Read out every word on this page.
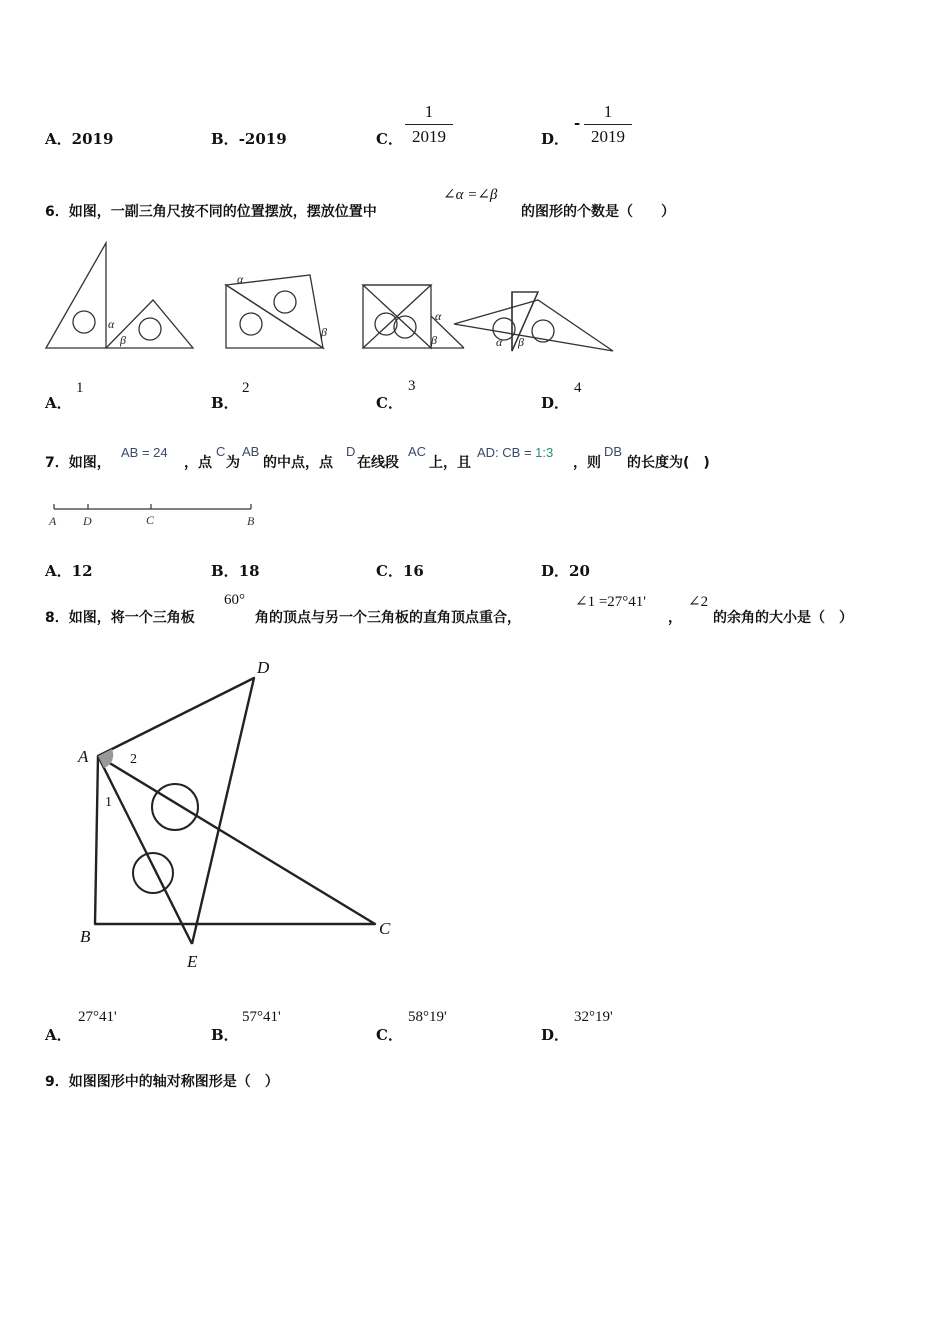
A．2019	B．-2019	C． $\frac{1}{2019}$	D．
- $\frac{1}{2019}$
6．如图，一副三角尺按不同的位置摆放，摆放位置中
∠α =∠β
的图形的个数是（　　）
α
β
α
β
α
β	α β
A．
1
B．
2
C．
3
D．
4
7．如图，
AB = 24
，点
C
为
AB
的中点，点
D
在线段
AC
上，且
AD: CB = 1:3
，则
DB
的长度为(　)
A D	C	B
A．12	B．18	C．16	D．20
8．如图，将一个三角板
60°
角的顶点与另一个三角板的直角顶点重合，
∠1 =27°41'
，
∠2
的余角的大小是（　）
A
B	C
D
E
1
2
A．
27°41'
B．
57°41'
C．
58°19'
D．
32°19'
9．如图图形中的轴对称图形是（　）
